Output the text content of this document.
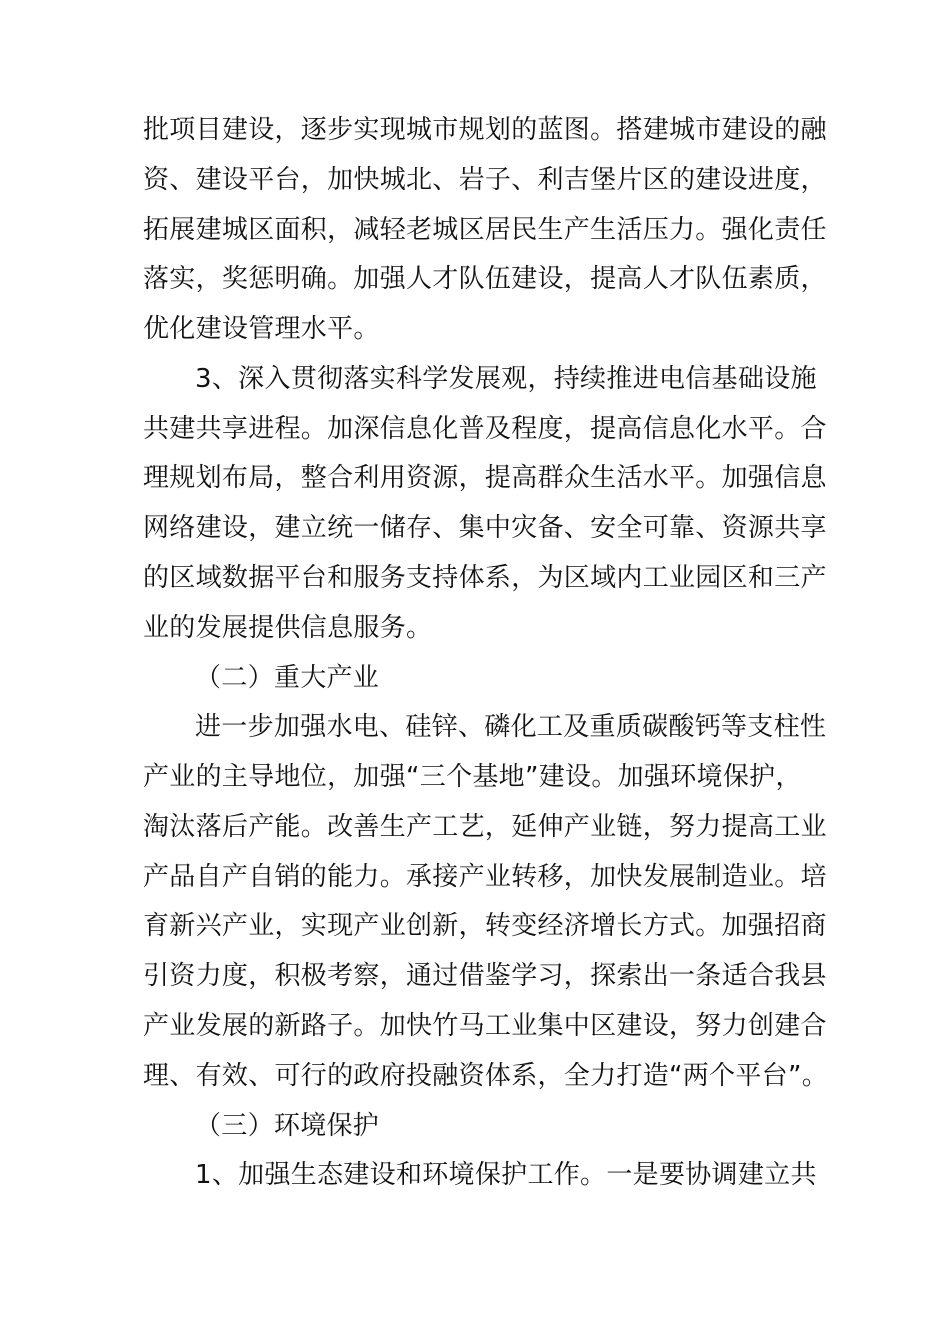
批项目建设，逐步实现城市规划的蓝图。搭建城市建设的融
资、建设平台，加快城北、岩子、利吉堡片区的建设进度，
拓展建城区面积，减轻老城区居民生产生活压力。强化责任
落实，奖惩明确。加强人才队伍建设，提高人才队伍素质，
优化建设管理水平。
3、深入贯彻落实科学发展观，持续推进电信基础设施
共建共享进程。加深信息化普及程度，提高信息化水平。合
理规划布局，整合利用资源，提高群众生活水平。加强信息
网络建设，建立统一储存、集中灾备、安全可靠、资源共享
的区域数据平台和服务支持体系，为区域内工业园区和三产
业的发展提供信息服务。
（二）重大产业
进一步加强水电、硅锌、磷化工及重质碳酸钙等支柱性
产业的主导地位，加强“三个基地”建设。加强环境保护，
淘汰落后产能。改善生产工艺，延伸产业链，努力提高工业
产品自产自销的能力。承接产业转移，加快发展制造业。培
育新兴产业，实现产业创新，转变经济增长方式。加强招商
引资力度，积极考察，通过借鉴学习，探索出一条适合我县
产业发展的新路子。加快竹马工业集中区建设，努力创建合
理、有效、可行的政府投融资体系，全力打造“两个平台”。
（三）环境保护
1、加强生态建设和环境保护工作。一是要协调建立共
